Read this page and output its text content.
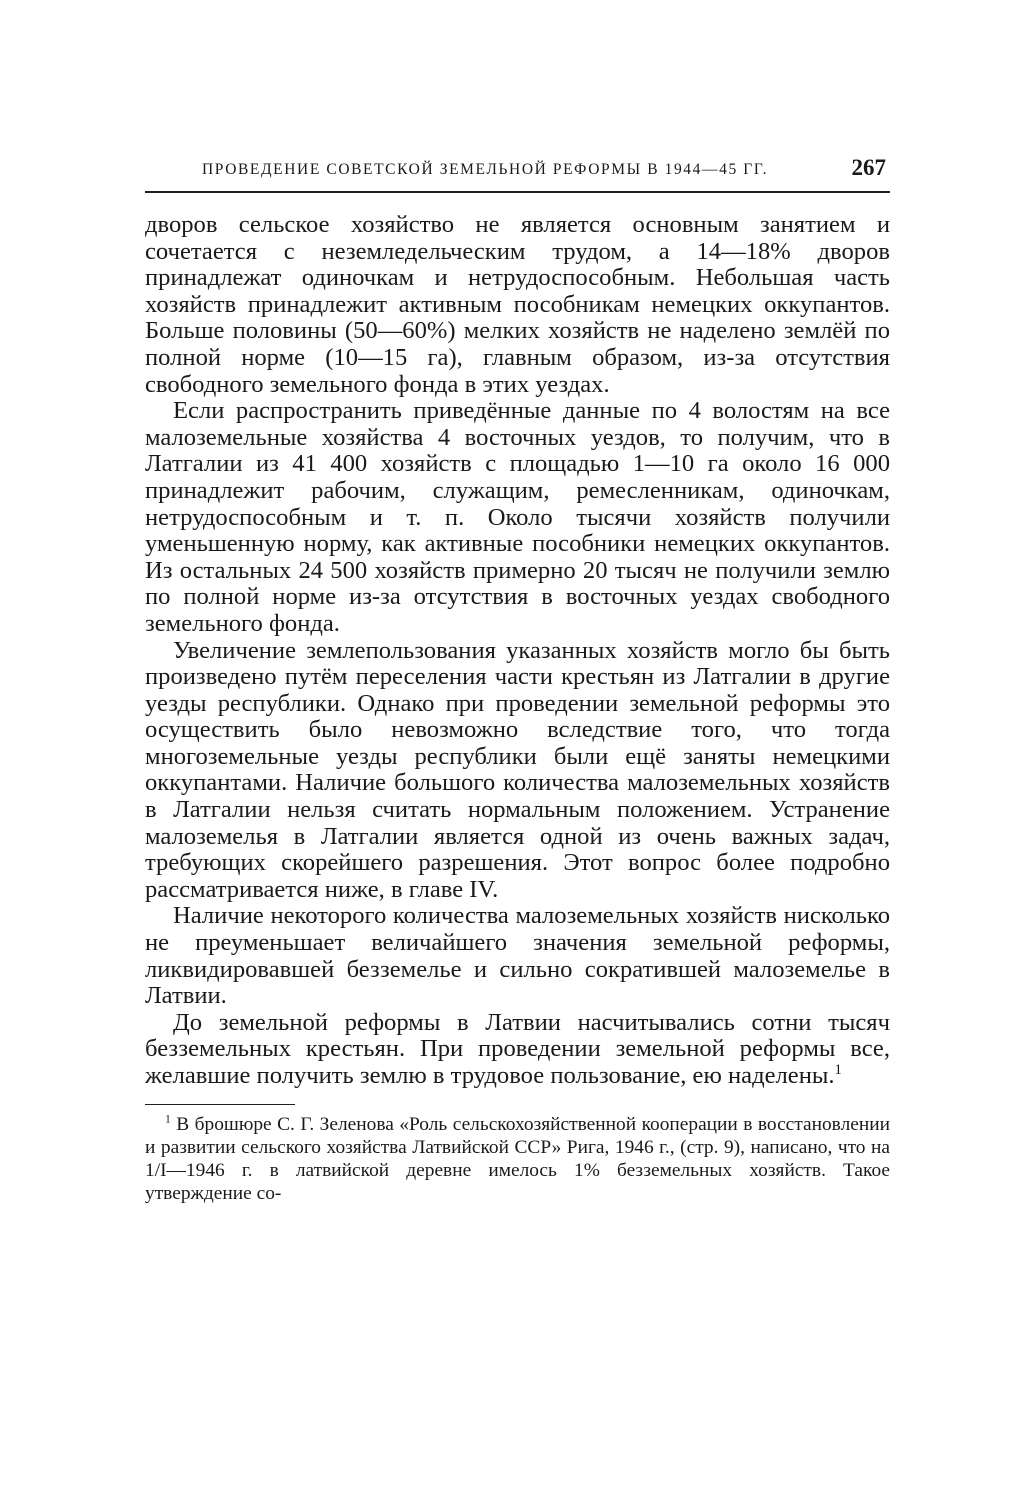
ПРОВЕДЕНИЕ СОВЕТСКОЙ ЗЕМЕЛЬНОЙ РЕФОРМЫ В 1944—45 ГГ.	267

дворов сельское хозяйство не является основным занятием и сочетается с неземледельческим трудом, а 14—18% дворов принадлежат одиночкам и нетрудоспособным. Небольшая часть хозяйств принадлежит активным пособникам немецких оккупантов. Больше половины (50—60%) мелких хозяйств не наделено землёй по полной норме (10—15 га), главным образом, из-за отсутствия свободного земельного фонда в этих уездах.

Если распространить приведённые данные по 4 волостям на все малоземельные хозяйства 4 восточных уездов, то получим, что в Латгалии из 41 400 хозяйств с площадью 1—10 га около 16 000 принадлежит рабочим, служащим, ремесленникам, одиночкам, нетрудоспособным и т. п. Около тысячи хозяйств получили уменьшенную норму, как активные пособники немецких оккупантов. Из остальных 24 500 хозяйств примерно 20 тысяч не получили землю по полной норме из-за отсутствия в восточных уездах свободного земельного фонда.

Увеличение землепользования указанных хозяйств могло бы быть произведено путём переселения части крестьян из Латгалии в другие уезды республики. Однако при проведении земельной реформы это осуществить было невозможно вследствие того, что тогда многоземельные уезды республики были ещё заняты немецкими оккупантами. Наличие большого количества малоземельных хозяйств в Латгалии нельзя считать нормальным положением. Устранение малоземелья в Латгалии является одной из очень важных задач, требующих скорейшего разрешения. Этот вопрос более подробно рассматривается ниже, в главе IV.

Наличие некоторого количества малоземельных хозяйств нисколько не преуменьшает величайшего значения земельной реформы, ликвидировавшей безземелье и сильно сократившей малоземелье в Латвии.

До земельной реформы в Латвии насчитывались сотни тысяч безземельных крестьян. При проведении земельной реформы все, желавшие получить землю в трудовое пользование, ею наделены.$^1$

$^1$ В брошюре С. Г. Зеленова «Роль сельскохозяйственной кооперации в восстановлении и развитии сельского хозяйства Латвийской ССР» Рига, 1946 г., (стр. 9), написано, что на 1/I—1946 г. в латвийской деревне имелось 1% безземельных хозяйств. Такое утверждение со-
